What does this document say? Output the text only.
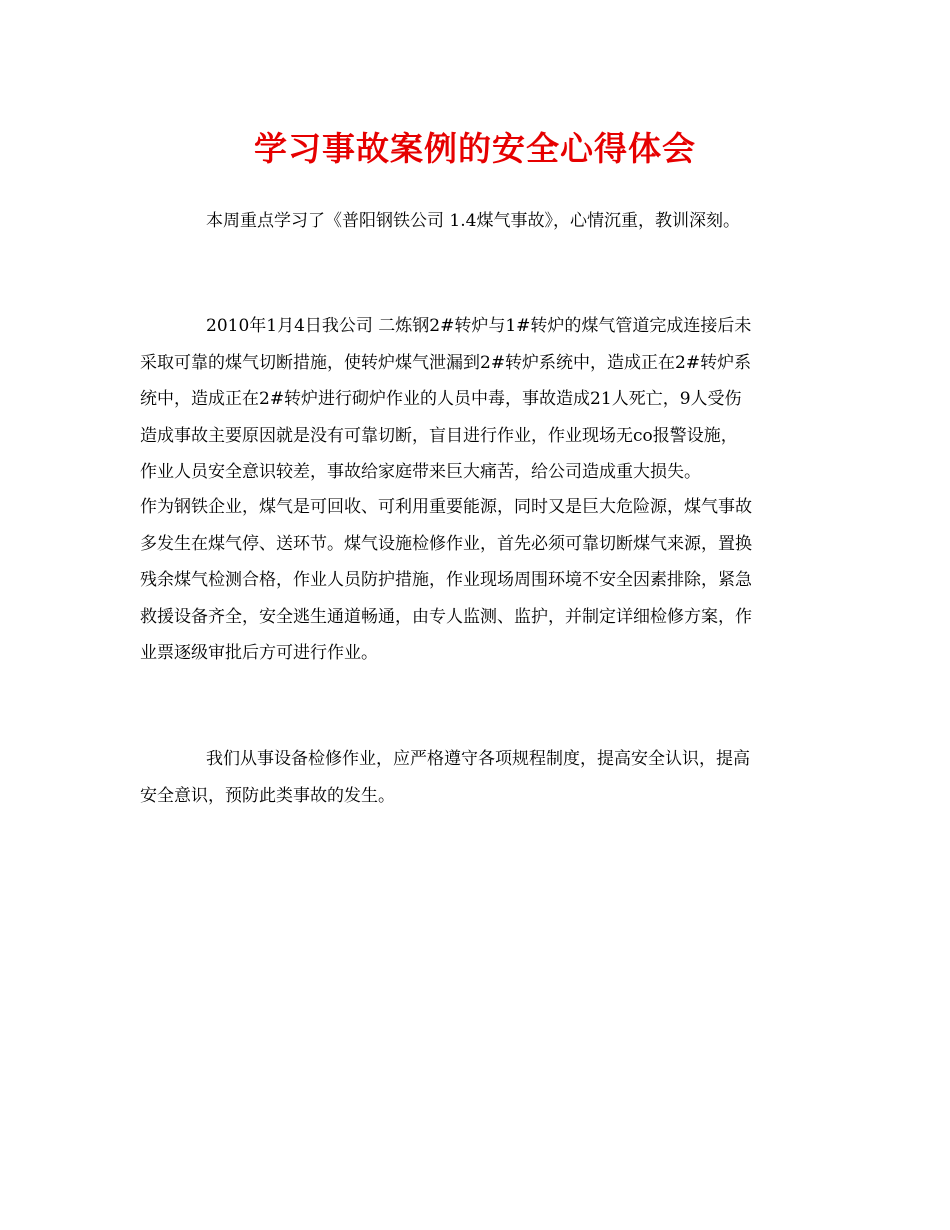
学习事故案例的安全心得体会
本周重点学习了《普阳钢铁公司 1.4煤气事故》，心情沉重，教训深刻。
2010年1月4日我公司 二炼钢2#转炉与1#转炉的煤气管道完成连接后未
采取可靠的煤气切断措施，使转炉煤气泄漏到2#转炉系统中，造成正在2#转炉系
统中，造成正在2#转炉进行砌炉作业的人员中毒，事故造成21人死亡，9人受伤
造成事故主要原因就是没有可靠切断，盲目进行作业，作业现场无co报警设施，
作业人员安全意识较差，事故给家庭带来巨大痛苦，给公司造成重大损失。
作为钢铁企业，煤气是可回收、可利用重要能源，同时又是巨大危险源，煤气事故
多发生在煤气停、送环节。煤气设施检修作业，首先必须可靠切断煤气来源，置换
残余煤气检测合格，作业人员防护措施，作业现场周围环境不安全因素排除，紧急
救援设备齐全，安全逃生通道畅通，由专人监测、监护，并制定详细检修方案，作
业票逐级审批后方可进行作业。
我们从事设备检修作业，应严格遵守各项规程制度，提高安全认识，提高
安全意识，预防此类事故的发生。
